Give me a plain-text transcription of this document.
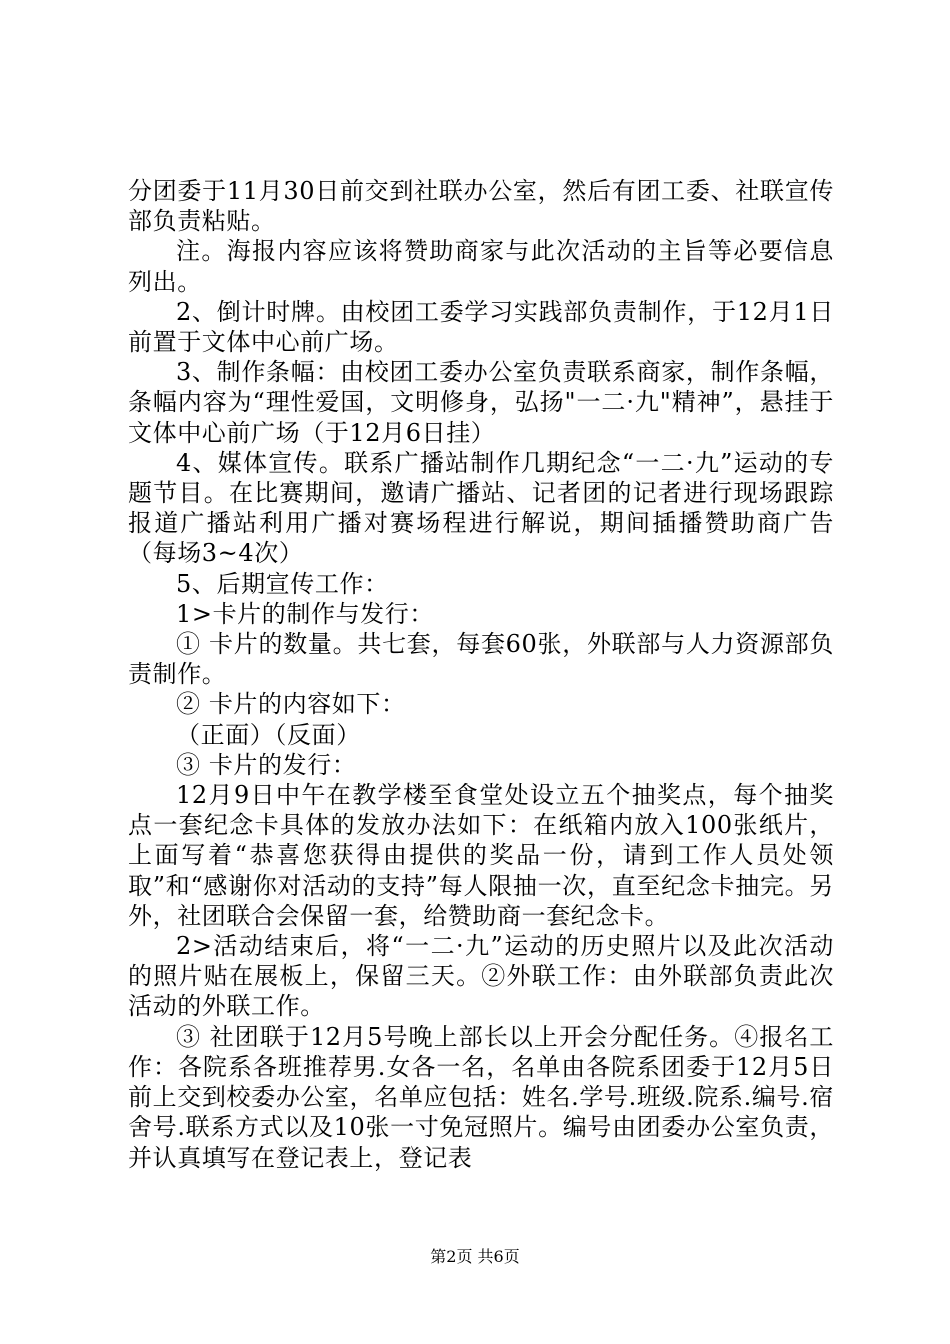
分团委于11月30日前交到社联办公室，然后有团工委、社联宣传部负责粘贴。

注。海报内容应该将赞助商家与此次活动的主旨等必要信息列出。

2、倒计时牌。由校团工委学习实践部负责制作，于12月1日前置于文体中心前广场。

3、制作条幅：由校团工委办公室负责联系商家，制作条幅，条幅内容为“理性爱国，文明修身，弘扬"一二·九"精神”，悬挂于文体中心前广场（于12月6日挂）

4、媒体宣传。联系广播站制作几期纪念“一二·九”运动的专题节目。在比赛期间，邀请广播站、记者团的记者进行现场跟踪报道广播站利用广播对赛场程进行解说，期间插播赞助商广告（每场3~4次）

5、后期宣传工作：

1>卡片的制作与发行：

① 卡片的数量。共七套，每套60张，外联部与人力资源部负责制作。

② 卡片的内容如下：

（正面）（反面）

③ 卡片的发行：

12月9日中午在教学楼至食堂处设立五个抽奖点，每个抽奖点一套纪念卡具体的发放办法如下：在纸箱内放入100张纸片，上面写着“恭喜您获得由提供的奖品一份，请到工作人员处领取”和“感谢你对活动的支持”每人限抽一次，直至纪念卡抽完。另外，社团联合会保留一套，给赞助商一套纪念卡。

2>活动结束后，将“一二·九”运动的历史照片以及此次活动的照片贴在展板上，保留三天。②外联工作：由外联部负责此次活动的外联工作。

③ 社团联于12月5号晚上部长以上开会分配任务。④报名工作：各院系各班推荐男.女各一名，名单由各院系团委于12月5日前上交到校委办公室，名单应包括：姓名.学号.班级.院系.编号.宿舍号.联系方式以及10张一寸免冠照片。编号由团委办公室负责，并认真填写在登记表上，登记表

第2页 共6页
